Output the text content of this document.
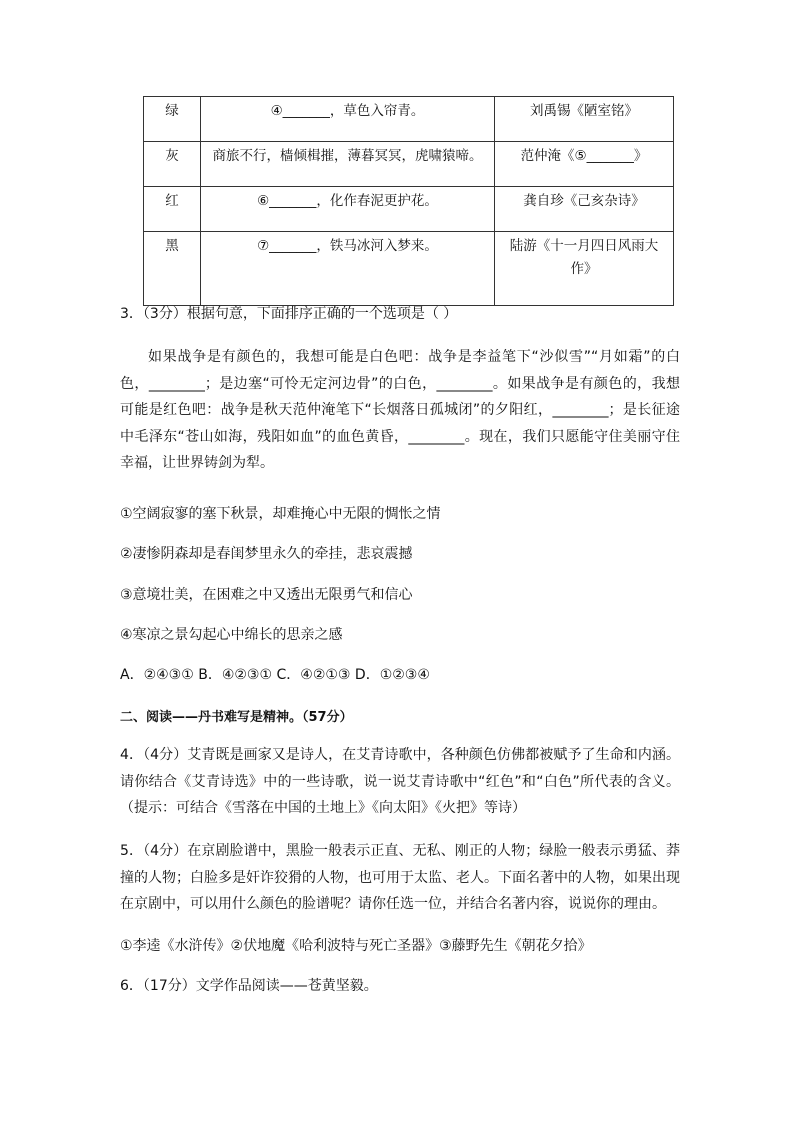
绿	④_______，草色入帘青。	刘禹锡《陋室铭》
灰	商旅不行，樯倾楫摧，薄暮冥冥，虎啸猿啼。	范仲淹《⑤_______》
红	⑥_______，化作春泥更护花。	龚自珍《己亥杂诗》
黑	⑦_______，铁马冰河入梦来。	陆游《十一月四日风雨大作》
3．（3分）根据句意，下面排序正确的一个选项是（ ）
如果战争是有颜色的，我想可能是白色吧：战争是李益笔下“沙似雪”“月如霜”的白色，________；是边塞“可怜无定河边骨”的白色，________。如果战争是有颜色的，我想可能是红色吧：战争是秋天范仲淹笔下“长烟落日孤城闭”的夕阳红，________；是长征途中毛泽东“苍山如海，残阳如血”的血色黄昏，________。现在，我们只愿能守住美丽守住幸福，让世界铸剑为犁。
①空阔寂寥的塞下秋景，却难掩心中无限的惆怅之情
②凄惨阴森却是春闺梦里永久的牵挂，悲哀震撼
③意境壮美，在困难之中又透出无限勇气和信心
④寒凉之景勾起心中绵长的思亲之感
A．②④③① B．④②③① C．④②①③ D．①②③④
二、阅读——丹书难写是精神。（57分）
4．（4分）艾青既是画家又是诗人，在艾青诗歌中，各种颜色仿佛都被赋予了生命和内涵。请你结合《艾青诗选》中的一些诗歌，说一说艾青诗歌中“红色”和“白色”所代表的含义。（提示：可结合《雪落在中国的土地上》《向太阳》《火把》等诗）
5．（4分）在京剧脸谱中，黑脸一般表示正直、无私、刚正的人物；绿脸一般表示勇猛、莽撞的人物；白脸多是奸诈狡猾的人物，也可用于太监、老人。下面名著中的人物，如果出现在京剧中，可以用什么颜色的脸谱呢？请你任选一位，并结合名著内容，说说你的理由。
①李逵《水浒传》②伏地魔《哈利波特与死亡圣器》③藤野先生《朝花夕拾》
6．（17分）文学作品阅读——苍黄坚毅。
